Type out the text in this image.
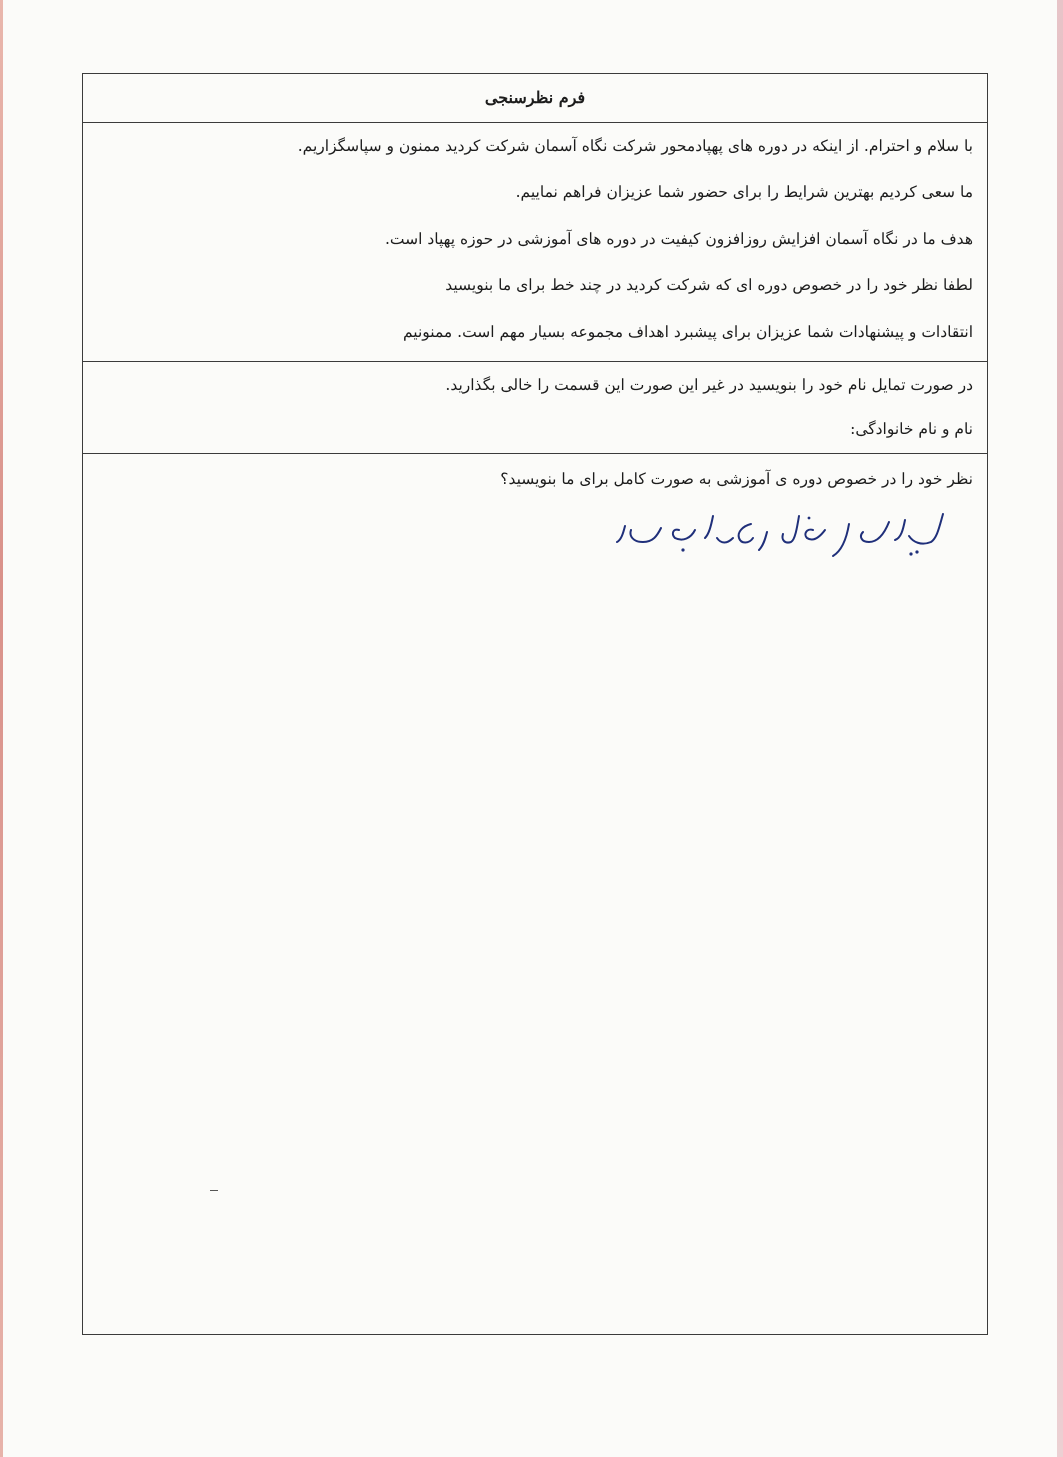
فرم نظرسنجی
با سلام و احترام. از اینکه در دوره های پهپادمحور شرکت نگاه آسمان شرکت کردید ممنون و سپاسگزاریم.
ما سعی کردیم بهترین شرایط را برای حضور شما عزیزان فراهم نماییم.
هدف ما در نگاه آسمان افزایش روزافزون کیفیت در دوره های آموزشی در حوزه پهپاد است.
لطفا نظر خود را در خصوص دوره ای که شرکت کردید در چند خط برای ما بنویسید
انتقادات و پیشنهادات شما عزیزان برای پیشبرد اهداف مجموعه بسیار مهم است. ممنونیم
در صورت تمایل نام خود را بنویسید در غیر این صورت این قسمت را خالی بگذارید.
نام و نام خانوادگی:
نظر خود را در خصوص دوره ی آموزشی به صورت کامل برای ما بنویسید؟
